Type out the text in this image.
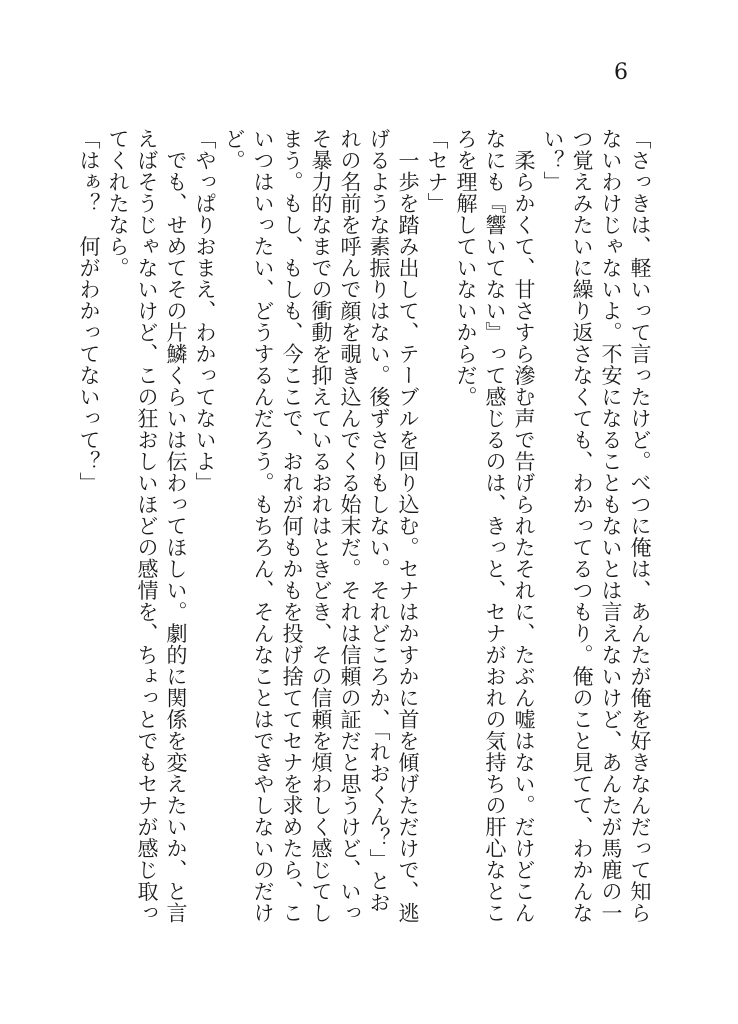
6

「さっきは、軽いって言ったけど。べつに俺は、あんたが俺を好きなんだって知らないわけじゃないよ。不安になることもないとは言えないけど、あんたが馬鹿の一つ覚えみたいに繰り返さなくても、わかってるつもり。俺のこと見てて、わかんない？」

　柔らかくて、甘さすら滲む声で告げられたそれに、たぶん嘘はない。だけどこんなにも『響いてない』って感じるのは、きっと、セナがおれの気持ちの肝心なところを理解していないからだ。

「セナ」

　一歩を踏み出して、テーブルを回り込む。セナはかすかに首を傾げただけで、逃げるような素振りはない。後ずさりもしない。それどころか、「れおくん？」とおれの名前を呼んで顔を覗き込んでくる始末だ。それは信頼の証だと思うけど、いっそ暴力的なまでの衝動を抑えているおれはときどき、その信頼を煩わしく感じてしまう。もし、もしも、今ここで、おれが何もかもを投げ捨ててセナを求めたら、こいつはいったい、どうするんだろう。もちろん、そんなことはできやしないのだけど。

「やっぱりおまえ、わかってないよ」

　でも、せめてその片鱗くらいは伝わってほしい。劇的に関係を変えたいか、と言えばそうじゃないけど、この狂おしいほどの感情を、ちょっとでもセナが感じ取ってくれたなら。

「はぁ？　何がわかってないって？」
